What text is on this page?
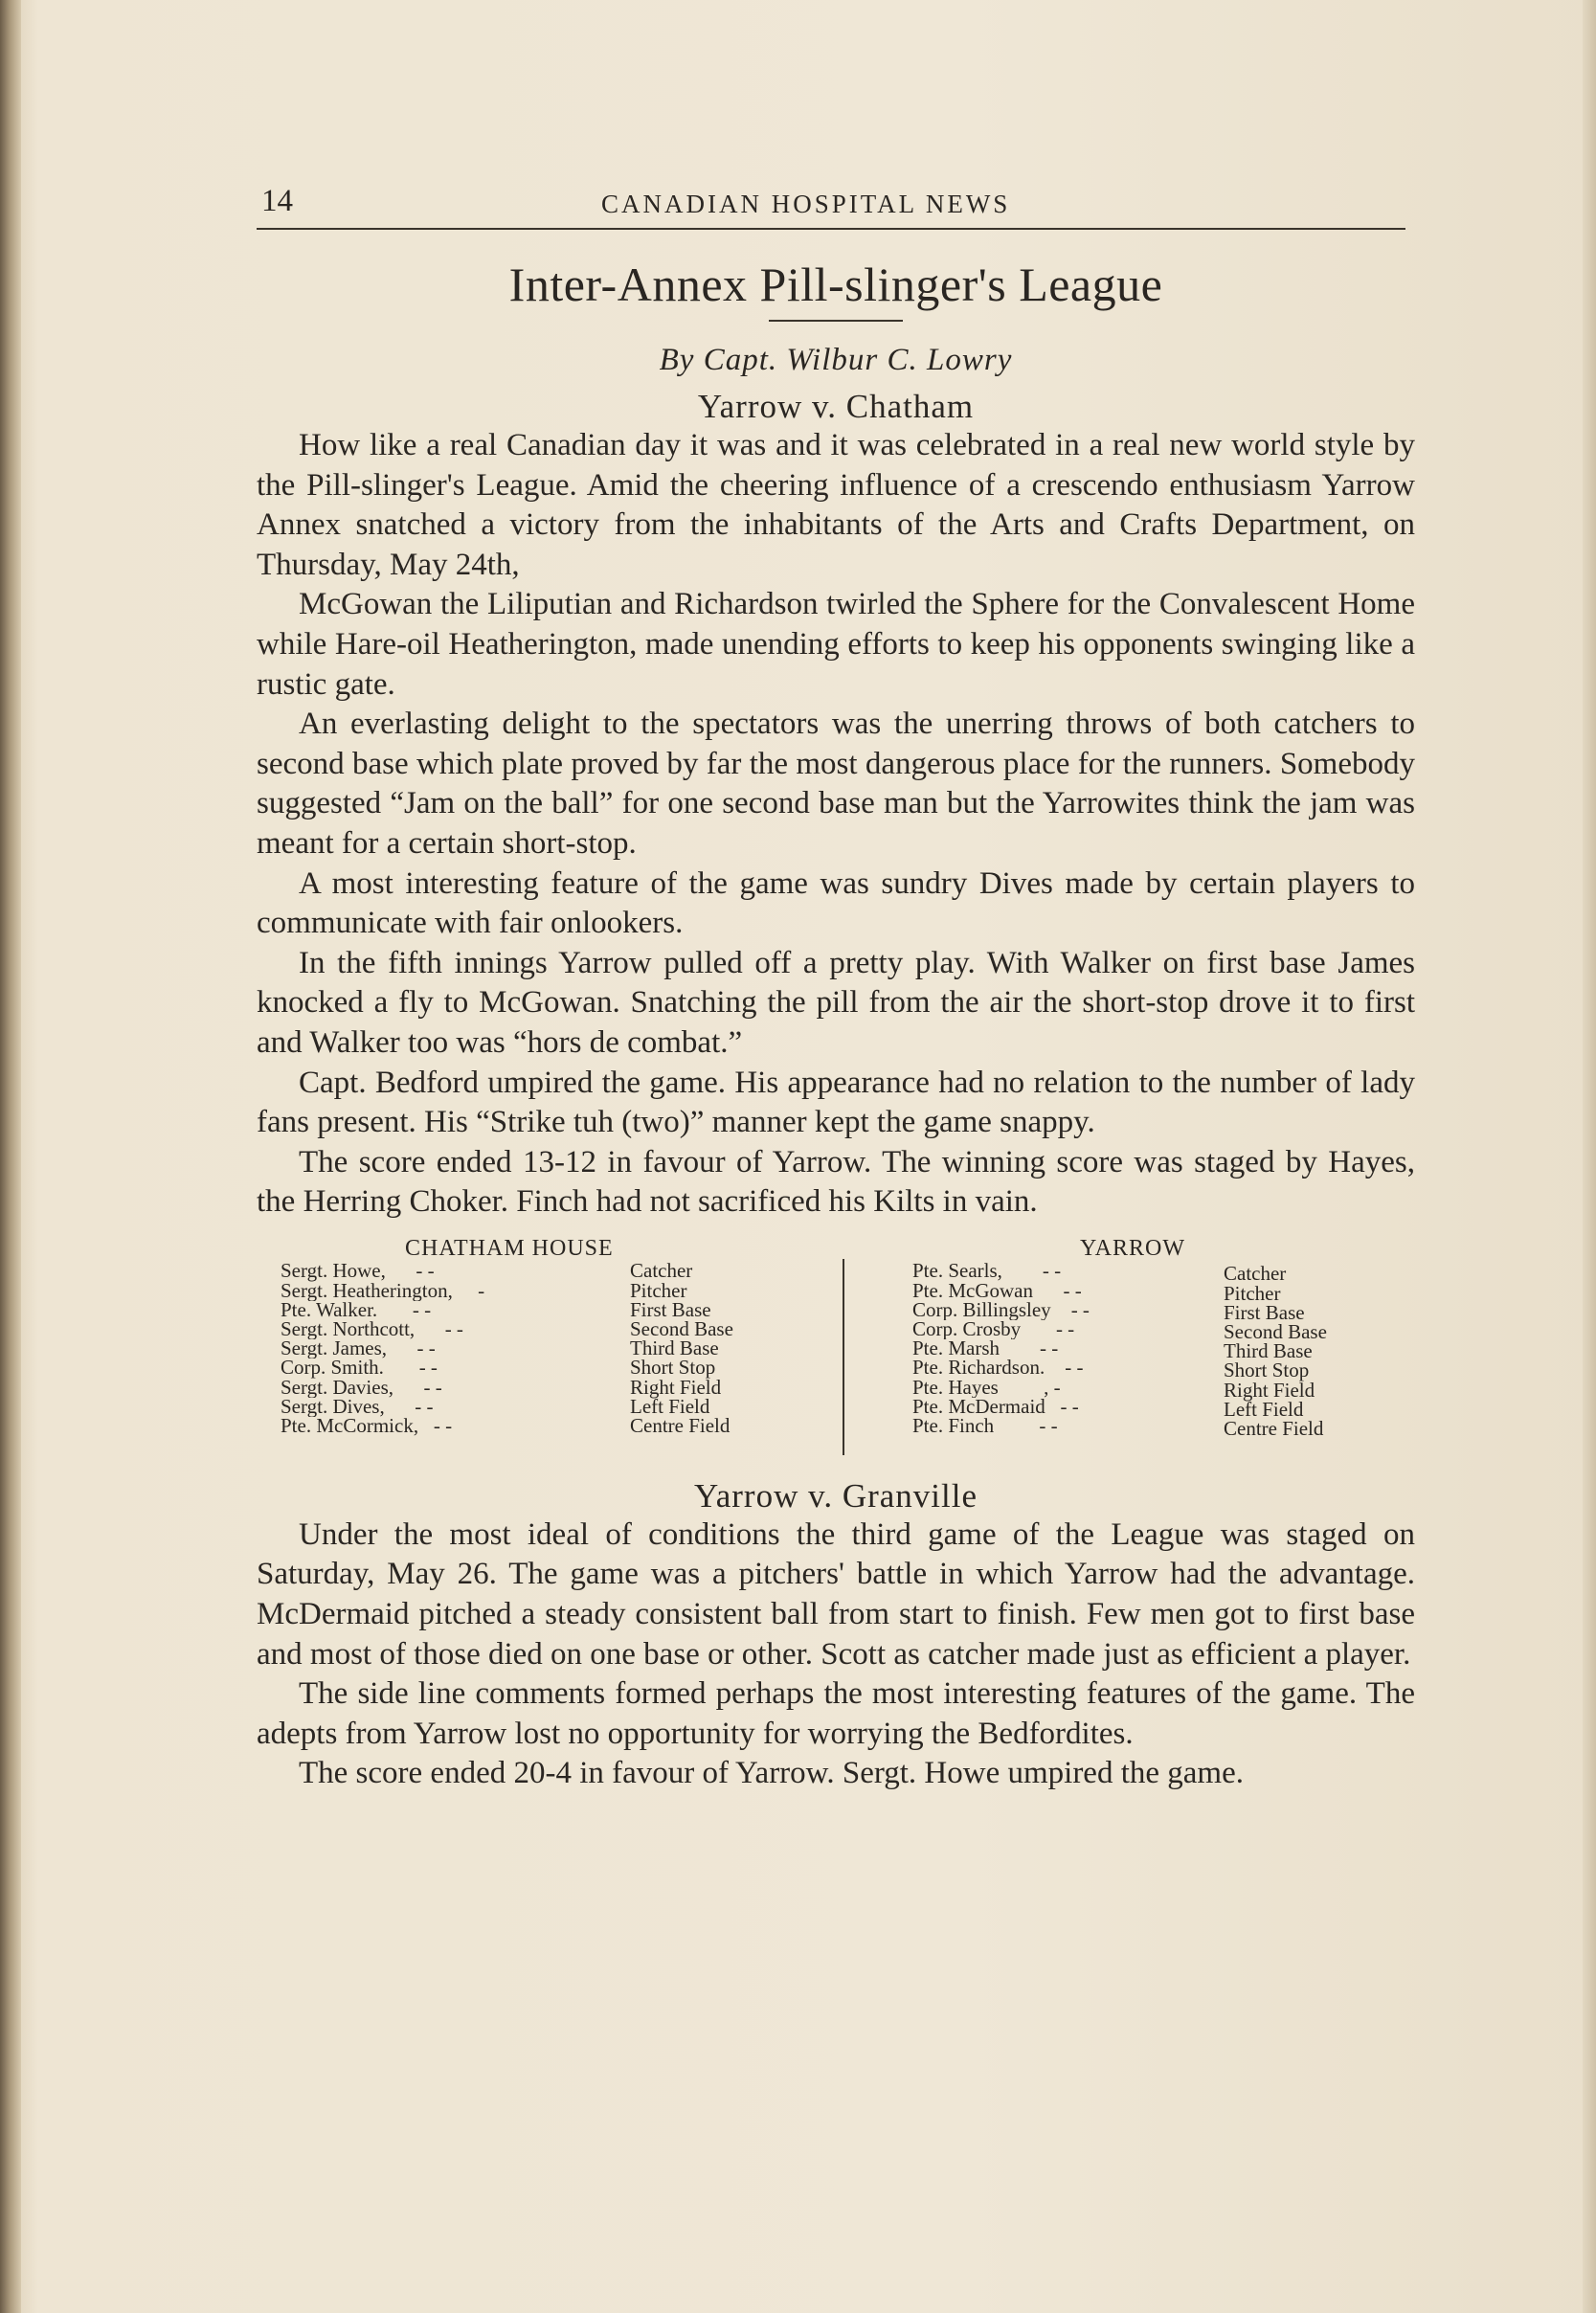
14	CANADIAN HOSPITAL NEWS
Inter-Annex Pill-slinger's League
By Capt. Wilbur C. Lowry
Yarrow v. Chatham

How like a real Canadian day it was and it was celebrated in a real new world style by the Pill-slinger's League. Amid the cheering influence of a crescendo enthusiasm Yarrow Annex snatched a victory from the inhabitants of the Arts and Crafts Department, on Thursday, May 24th,

McGowan the Liliputian and Richardson twirled the Sphere for the Convalescent Home while Hare-oil Heatherington, made unending efforts to keep his opponents swinging like a rustic gate.

An everlasting delight to the spectators was the unerring throws of both catchers to second base which plate proved by far the most dangerous place for the runners. Somebody suggested “Jam on the ball” for one second base man but the Yarrowites think the jam was meant for a certain short-stop.

A most interesting feature of the game was sundry Dives made by certain players to communicate with fair onlookers.

In the fifth innings Yarrow pulled off a pretty play. With Walker on first base James knocked a fly to McGowan. Snatching the pill from the air the short-stop drove it to first and Walker too was “hors de combat.”

Capt. Bedford umpired the game. His appearance had no relation to the number of lady fans present. His “Strike tuh (two)” manner kept the game snappy.

The score ended 13-12 in favour of Yarrow. The winning score was staged by Hayes, the Herring Choker. Finch had not sacrificed his Kilts in vain.

CHATHAM HOUSE
Sergt. Howe, - -	Catcher
Sergt. Heatherington, -	Pitcher
Pte. Walker. - -	First Base
Sergt. Northcott, - -	Second Base
Sergt. James, - -	Third Base
Corp. Smith. - -	Short Stop
Sergt. Davies, - -	Right Field
Sergt. Dives, - -	Left Field
Pte. McCormick, - -	Centre Field
YARROW
Pte. Searls, - -	Catcher
Pte. McGowan - -	Pitcher
Corp. Billingsley - -	First Base
Corp. Crosby - -	Second Base
Pte. Marsh - -	Third Base
Pte. Richardson. - -	Short Stop
Pte. Hayes , -	Right Field
Pte. McDermaid - -	Left Field
Pte. Finch - -	Centre Field
Yarrow v. Granville

Under the most ideal of conditions the third game of the League was staged on Saturday, May 26. The game was a pitchers' battle in which Yarrow had the advantage. McDermaid pitched a steady consistent ball from start to finish. Few men got to first base and most of those died on one base or other. Scott as catcher made just as efficient a player.

The side line comments formed perhaps the most interesting features of the game. The adepts from Yarrow lost no opportunity for worrying the Bedfordites.

The score ended 20-4 in favour of Yarrow. Sergt. Howe umpired the game.
